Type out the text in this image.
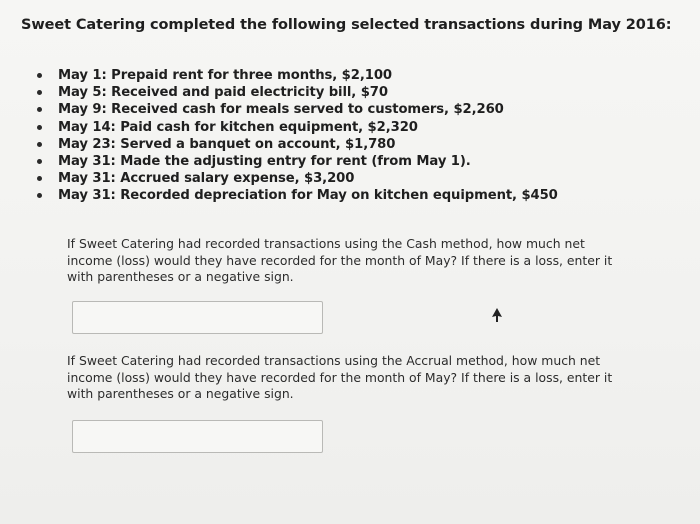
Sweet Catering completed the following selected transactions during May 2016:
May 1: Prepaid rent for three months, $2,100
May 5: Received and paid electricity bill, $70
May 9: Received cash for meals served to customers, $2,260
May 14: Paid cash for kitchen equipment, $2,320
May 23: Served a banquet on account, $1,780
May 31: Made the adjusting entry for rent (from May 1).
May 31: Accrued salary expense, $3,200
May 31: Recorded depreciation for May on kitchen equipment, $450
If Sweet Catering had recorded transactions using the Cash method, how much net income (loss) would they have recorded for the month of May? If there is a loss, enter it with parentheses or a negative sign.
If Sweet Catering had recorded transactions using the Accrual method, how much net income (loss) would they have recorded for the month of May? If there is a loss, enter it with parentheses or a negative sign.
